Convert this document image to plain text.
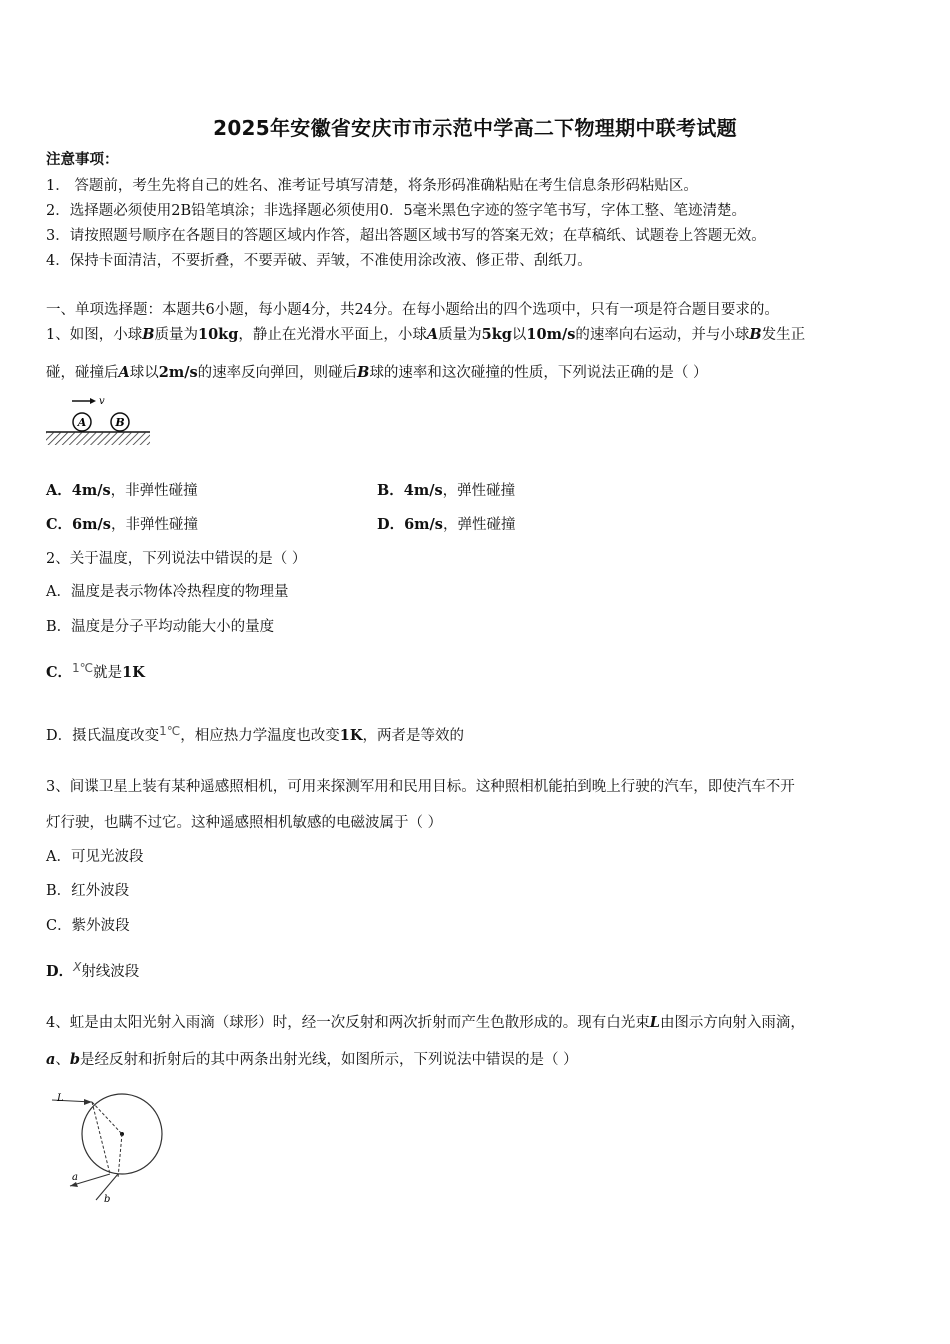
2025年安徽省安庆市市示范中学高二下物理期中联考试题
注意事项：
1． 答题前，考生先将自己的姓名、准考证号填写清楚，将条形码准确粘贴在考生信息条形码粘贴区。
2．选择题必须使用2B铅笔填涂；非选择题必须使用0．5毫米黑色字迹的签字笔书写，字体工整、笔迹清楚。
3．请按照题号顺序在各题目的答题区域内作答，超出答题区域书写的答案无效；在草稿纸、试题卷上答题无效。
4．保持卡面清洁，不要折叠，不要弄破、弄皱，不准使用涂改液、修正带、刮纸刀。
一、单项选择题：本题共6小题，每小题4分，共24分。在每小题给出的四个选项中，只有一项是符合题目要求的。
1、如图，小球B质量为10kg，静止在光滑水平面上，小球A质量为5kg以10m/s的速率向右运动，并与小球B发生正
碰，碰撞后A球以2m/s的速率反向弹回，则碰后B球的速率和这次碰撞的性质，下列说法正确的是（ ）
v
A	B
A．4m/s，非弹性碰撞	B．4m/s，弹性碰撞
C．6m/s，非弹性碰撞	D．6m/s，弹性碰撞
2、关于温度，下列说法中错误的是（ ）
A．温度是表示物体冷热程度的物理量
B．温度是分子平均动能大小的量度
C．$^{1℃}$就是1K
D．摄氏温度改变$^{1℃}$，相应热力学温度也改变1K，两者是等效的
3、间谍卫星上装有某种遥感照相机，可用来探测军用和民用目标。这种照相机能拍到晚上行驶的汽车，即使汽车不开
灯行驶，也瞒不过它。这种遥感照相机敏感的电磁波属于（ ）
A．可见光波段
B．红外波段
C．紫外波段
D．$^X$射线波段
4、虹是由太阳光射入雨滴（球形）时，经一次反射和两次折射而产生色散形成的。现有白光束L由图示方向射入雨滴，
a、b是经反射和折射后的其中两条出射光线，如图所示，下列说法中错误的是（ ）
L
a
b
